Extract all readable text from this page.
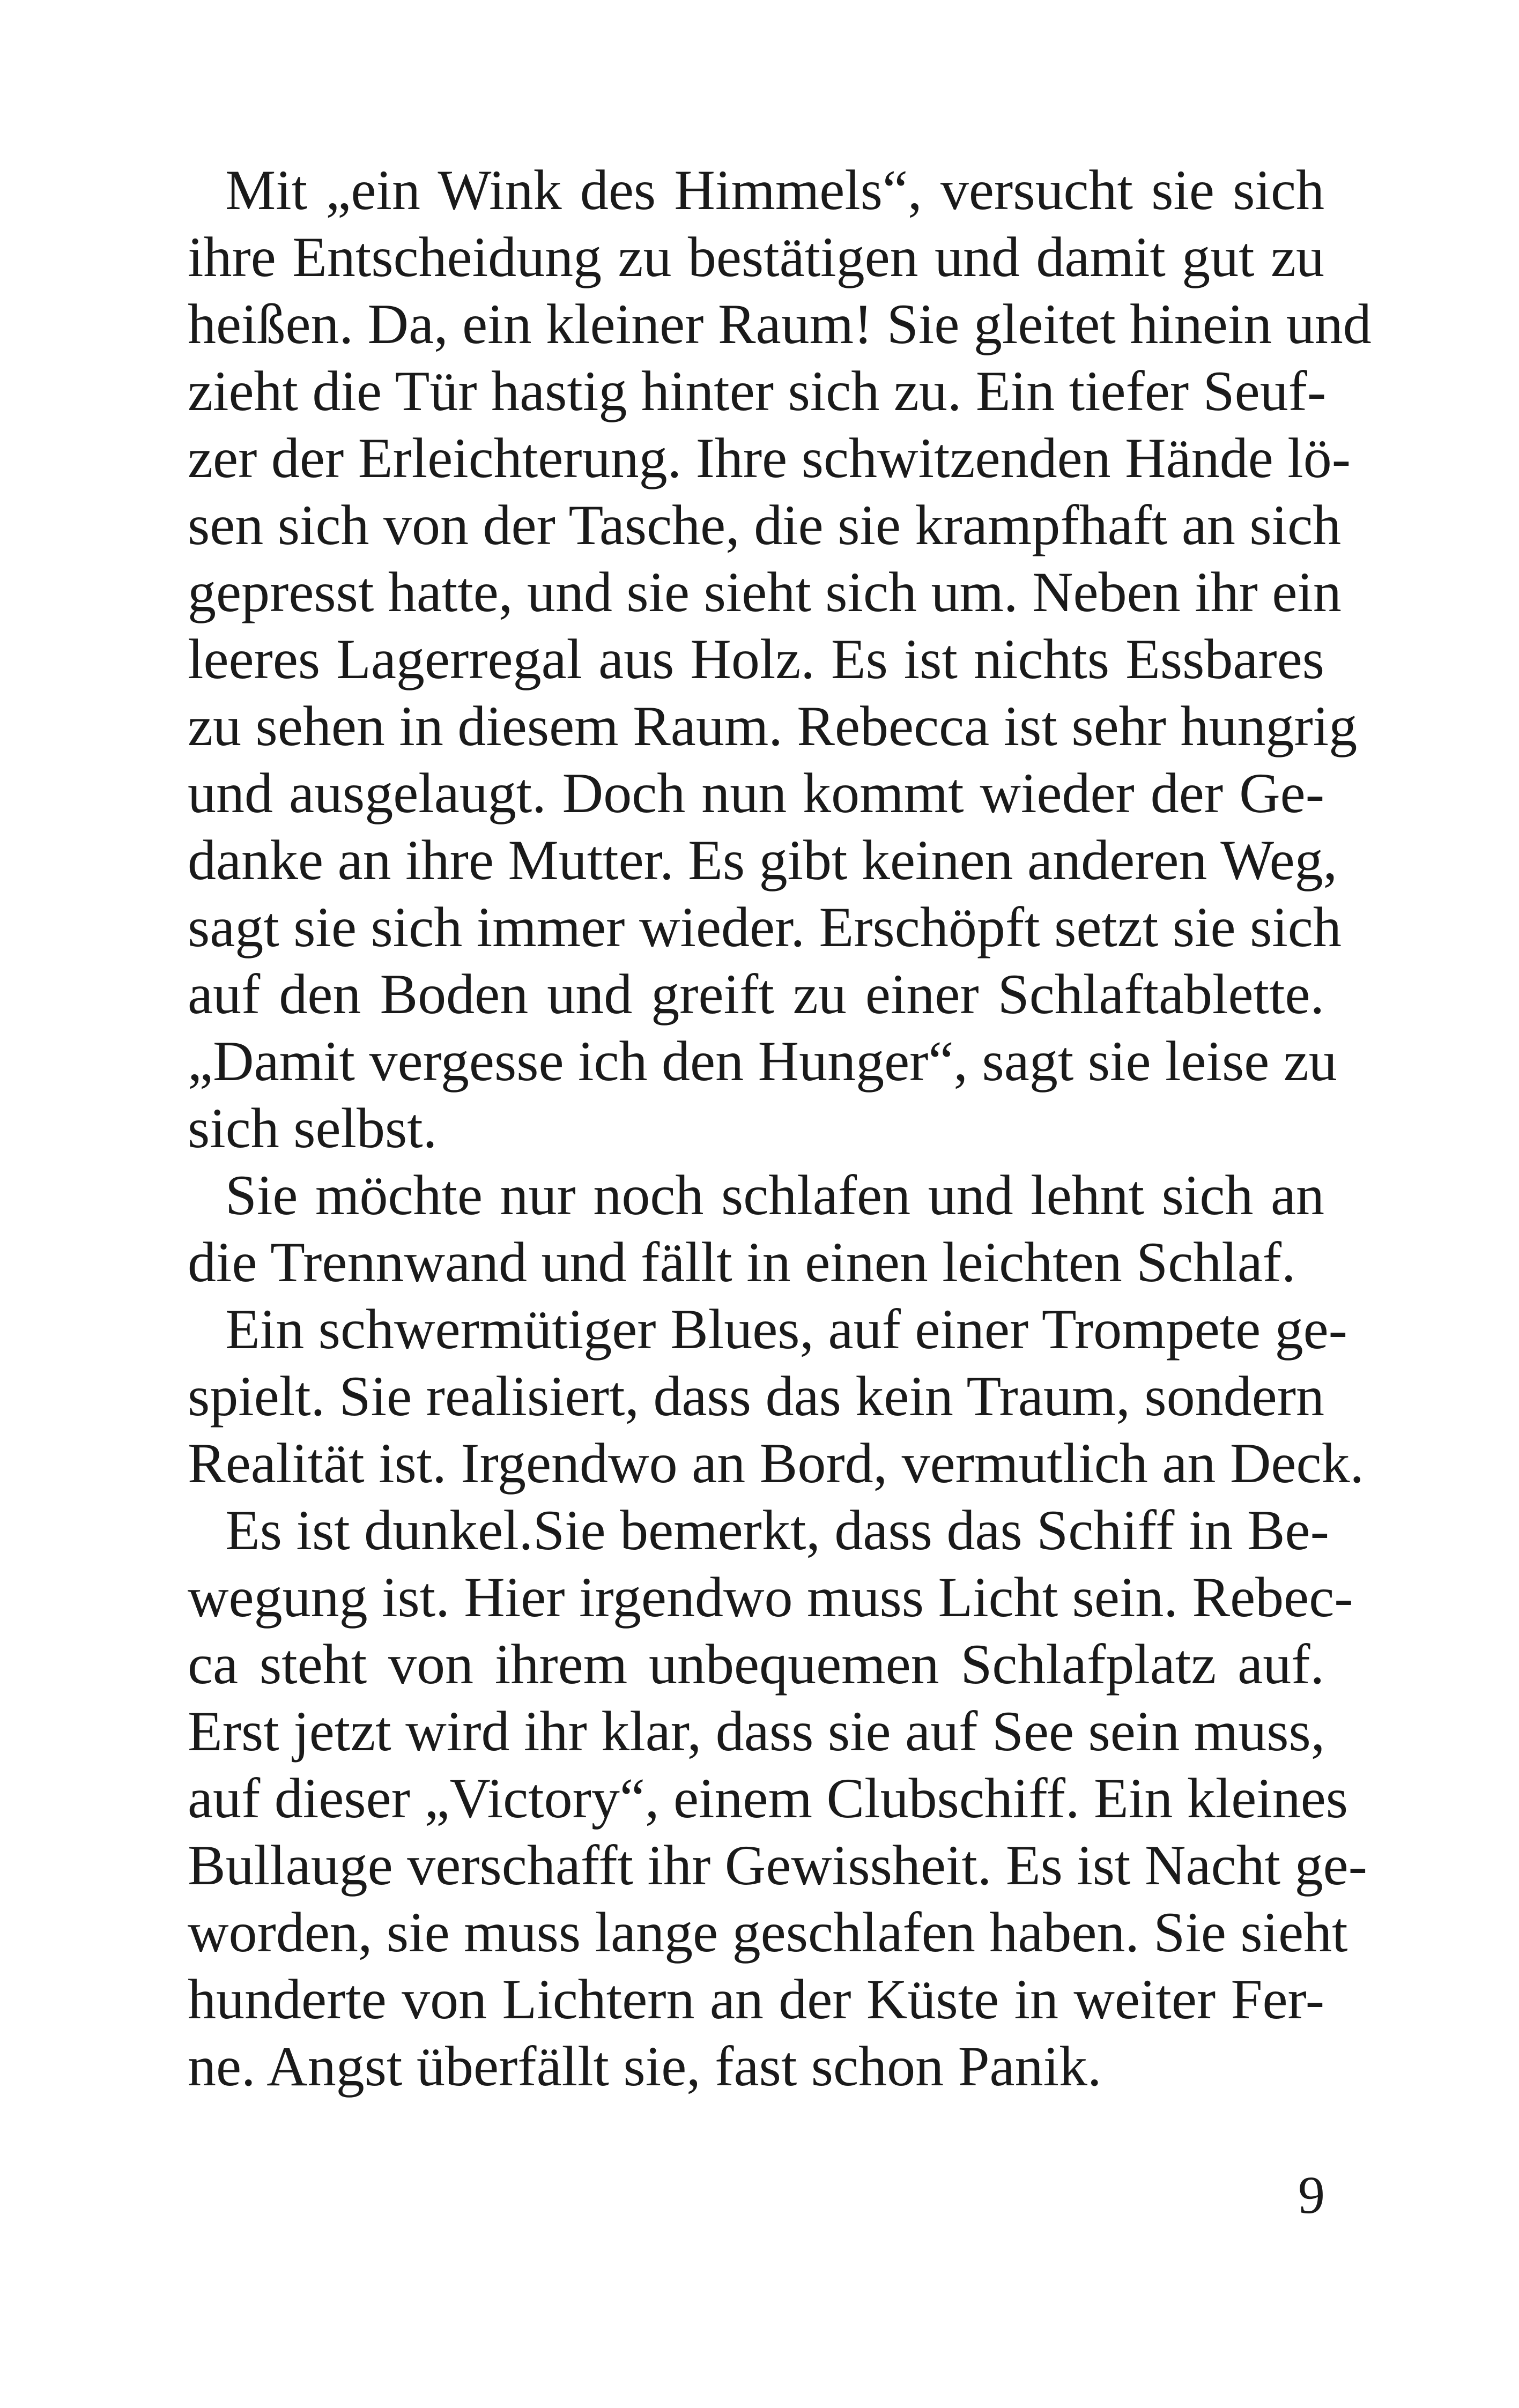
Mit „ein Wink des Himmels“, versucht sie sich
ihre Entscheidung zu bestätigen und damit gut zu
heißen. Da, ein kleiner Raum! Sie gleitet hinein und
zieht die Tür hastig hinter sich zu. Ein tiefer Seuf-
zer der Erleichterung. Ihre schwitzenden Hände lö-
sen sich von der Tasche, die sie krampfhaft an sich
gepresst hatte, und sie sieht sich um. Neben ihr ein
leeres Lagerregal aus Holz. Es ist nichts Essbares
zu sehen in diesem Raum. Rebecca ist sehr hungrig
und ausgelaugt. Doch nun kommt wieder der Ge-
danke an ihre Mutter. Es gibt keinen anderen Weg,
sagt sie sich immer wieder. Erschöpft setzt sie sich
auf den Boden und greift zu einer Schlaftablette.
„Damit vergesse ich den Hunger“, sagt sie leise zu
sich selbst.
Sie möchte nur noch schlafen und lehnt sich an
die Trennwand und fällt in einen leichten Schlaf.
Ein schwermütiger Blues, auf einer Trompete ge-
spielt. Sie realisiert, dass das kein Traum, sondern
Realität ist. Irgendwo an Bord, vermutlich an Deck.
Es ist dunkel.Sie bemerkt, dass das Schiff in Be-
wegung ist. Hier irgendwo muss Licht sein. Rebec-
ca steht von ihrem unbequemen Schlafplatz auf.
Erst jetzt wird ihr klar, dass sie auf See sein muss,
auf dieser „Victory“, einem Clubschiff. Ein kleines
Bullauge verschafft ihr Gewissheit. Es ist Nacht ge-
worden, sie muss lange geschlafen haben. Sie sieht
hunderte von Lichtern an der Küste in weiter Fer-
ne. Angst überfällt sie, fast schon Panik.
9
